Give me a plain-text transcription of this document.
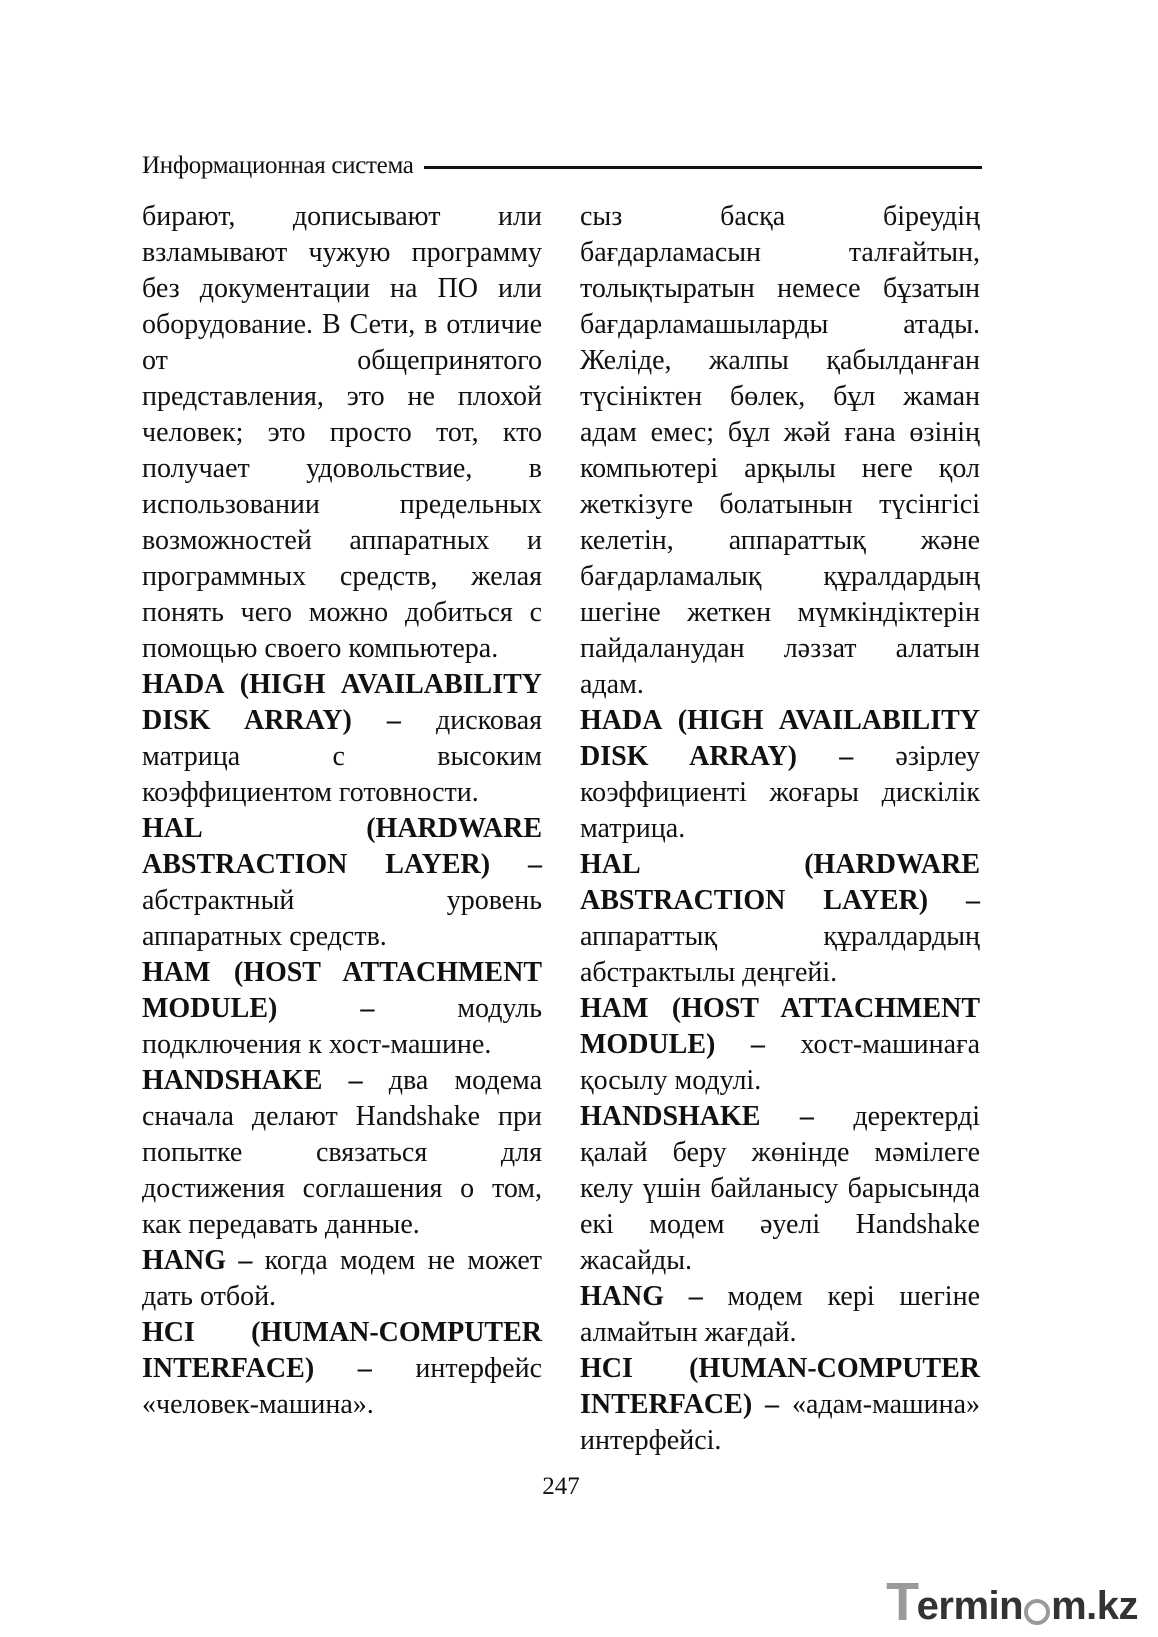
Информационная система

бирают, дописывают или взламывают чужую программу без документации на ПО или оборудование. В Сети, в отличие от общепринятого представления, это не плохой человек; это просто тот, кто получает удовольствие, в использовании предельных возможностей аппаратных и программных средств, желая понять чего можно добиться с помощью своего компьютера.

HADA (HIGH AVAILABILITY DISK ARRAY) – дисковая матрица с высоким коэффициентом готовности.

HAL (HARDWARE ABSTRACTION LAYER) – абстрактный уровень аппаратных средств.

HAM (HOST ATTACHMENT MODULE) – модуль подключения к хост-машине.

HANDSHAKE – два модема сначала делают Handshake при попытке связаться для достижения соглашения о том, как передавать данные.

HANG – когда модем не может дать отбой.

HCI (HUMAN-COMPUTER INTERFACE) – интерфейс «человек-машина».

сыз басқа біреудің бағдарламасын талғайтын, толықтыратын немесе бұзатын бағдарламашыларды атады. Желіде, жалпы қабылданған түсініктен бөлек, бұл жаман адам емес; бұл жәй ғана өзінің компьютері арқылы неге қол жеткізуге болатынын түсінгісі келетін, аппараттық және бағдарламалық құралдардың шегіне жеткен мүмкіндіктерін пайдаланудан ләззат алатын адам.

HADA (HIGH AVAILABILITY DISK ARRAY) – әзірлеу коэффициенті жоғары дискілік матрица.

HAL (HARDWARE ABSTRACTION LAYER) – аппараттық құралдардың абстрактылы деңгейі.

HAM (HOST ATTACHMENT MODULE) – хост-машинаға қосылу модулі.

HANDSHAKE – деректерді қалай беру жөнінде мәмілеге келу үшін байланысу барысында екі модем әуелі Handshake жасайды.

HANG – модем кері шегіне алмайтын жағдай.

HCI (HUMAN-COMPUTER INTERFACE) – «адам-машина» интерфейсі.

247
T
ermin m.kz
